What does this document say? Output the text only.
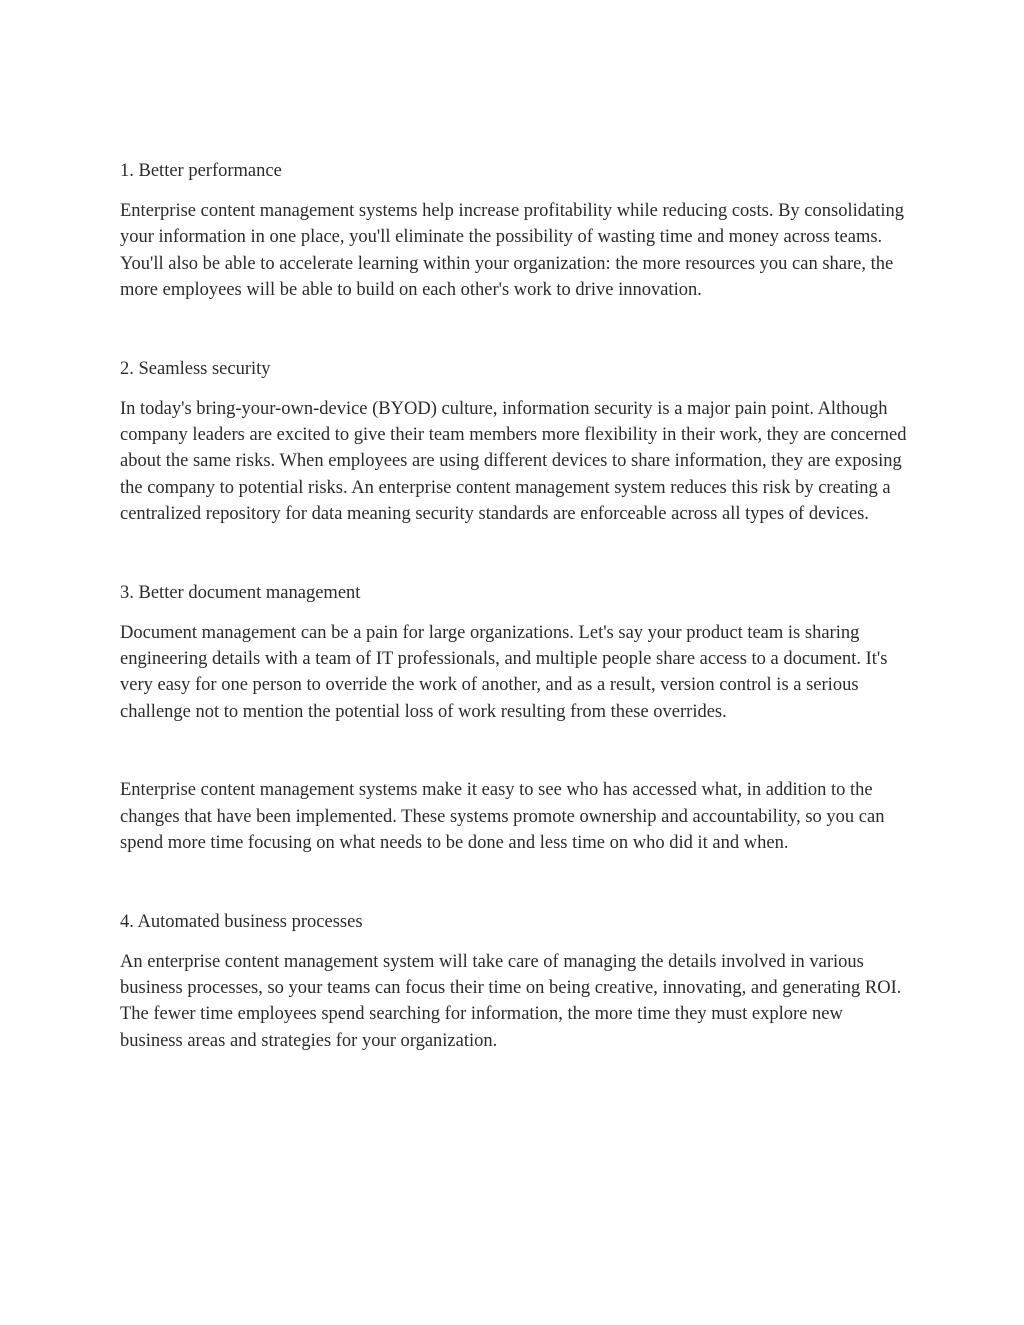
1. Better performance

Enterprise content management systems help increase profitability while reducing costs. By consolidating your information in one place, you'll eliminate the possibility of wasting time and money across teams. You'll also be able to accelerate learning within your organization: the more resources you can share, the more employees will be able to build on each other's work to drive innovation.

2. Seamless security

In today's bring-your-own-device (BYOD) culture, information security is a major pain point. Although company leaders are excited to give their team members more flexibility in their work, they are concerned about the same risks. When employees are using different devices to share information, they are exposing the company to potential risks. An enterprise content management system reduces this risk by creating a centralized repository for data meaning security standards are enforceable across all types of devices.

3. Better document management

Document management can be a pain for large organizations. Let's say your product team is sharing engineering details with a team of IT professionals, and multiple people share access to a document. It's very easy for one person to override the work of another, and as a result, version control is a serious challenge not to mention the potential loss of work resulting from these overrides.

Enterprise content management systems make it easy to see who has accessed what, in addition to the changes that have been implemented. These systems promote ownership and accountability, so you can spend more time focusing on what needs to be done and less time on who did it and when.

4. Automated business processes

An enterprise content management system will take care of managing the details involved in various business processes, so your teams can focus their time on being creative, innovating, and generating ROI. The fewer time employees spend searching for information, the more time they must explore new business areas and strategies for your organization.
